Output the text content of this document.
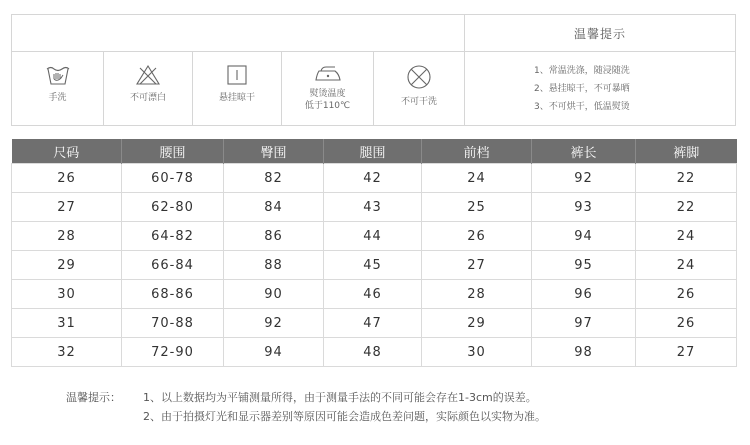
温馨提示
手洗	不可漂白	悬挂晾干	熨烫温度
低于110℃	不可干洗
1、常温洗涤，随浸随洗
2、悬挂晾干，不可暴晒
3、不可烘干，低温熨烫
尺码	腰围	臀围	腿围	前档	裤长	裤脚
26	60-78	82	42	24	92	22
27	62-80	84	43	25	93	22
28	64-82	86	44	26	94	24
29	66-84	88	45	27	95	24
30	68-86	90	46	28	96	26
31	70-88	92	47	29	97	26
32	72-90	94	48	30	98	27
温馨提示：	1、以上数据均为平铺测量所得，由于测量手法的不同可能会存在1-3cm的误差。
2、由于拍摄灯光和显示器差别等原因可能会造成色差问题，实际颜色以实物为准。
